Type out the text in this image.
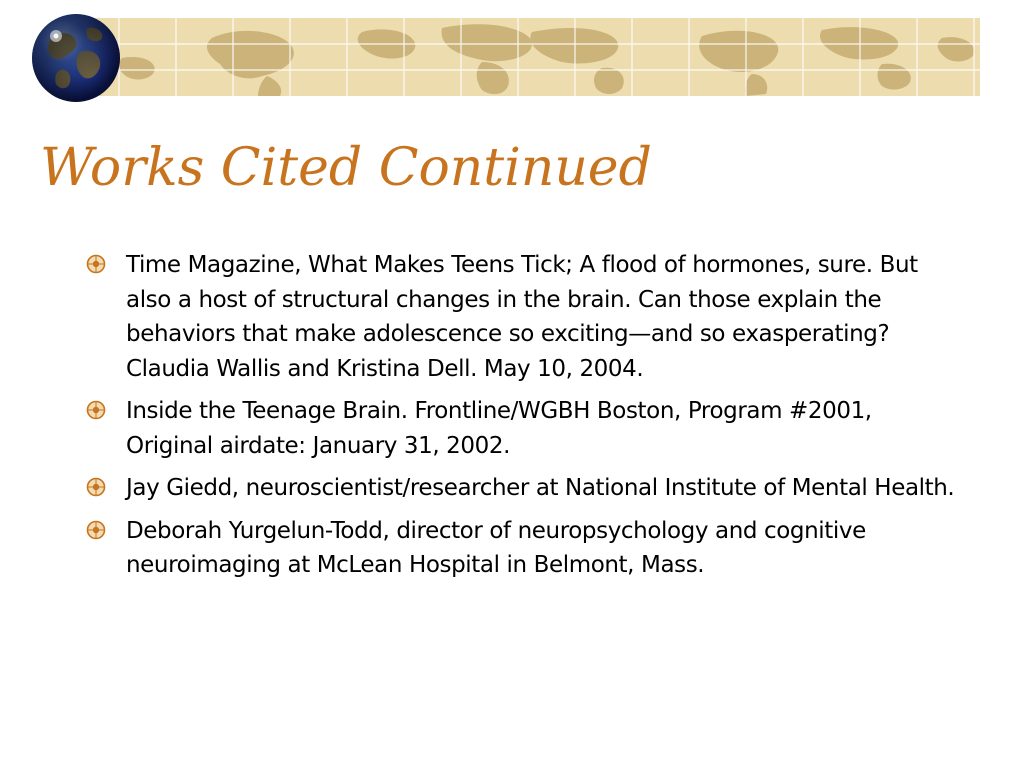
Works Cited Continued
Time Magazine, What Makes Teens Tick; A flood of hormones, sure. But also a host of structural changes in the brain. Can those explain the behaviors that make adolescence so exciting—and so exasperating? Claudia Wallis and Kristina Dell. May 10, 2004.
Inside the Teenage Brain. Frontline/WGBH Boston, Program #2001, Original airdate: January 31, 2002.
Jay Giedd, neuroscientist/researcher at National Institute of Mental Health.
Deborah Yurgelun-Todd, director of neuropsychology and cognitive neuroimaging at McLean Hospital in Belmont, Mass.
